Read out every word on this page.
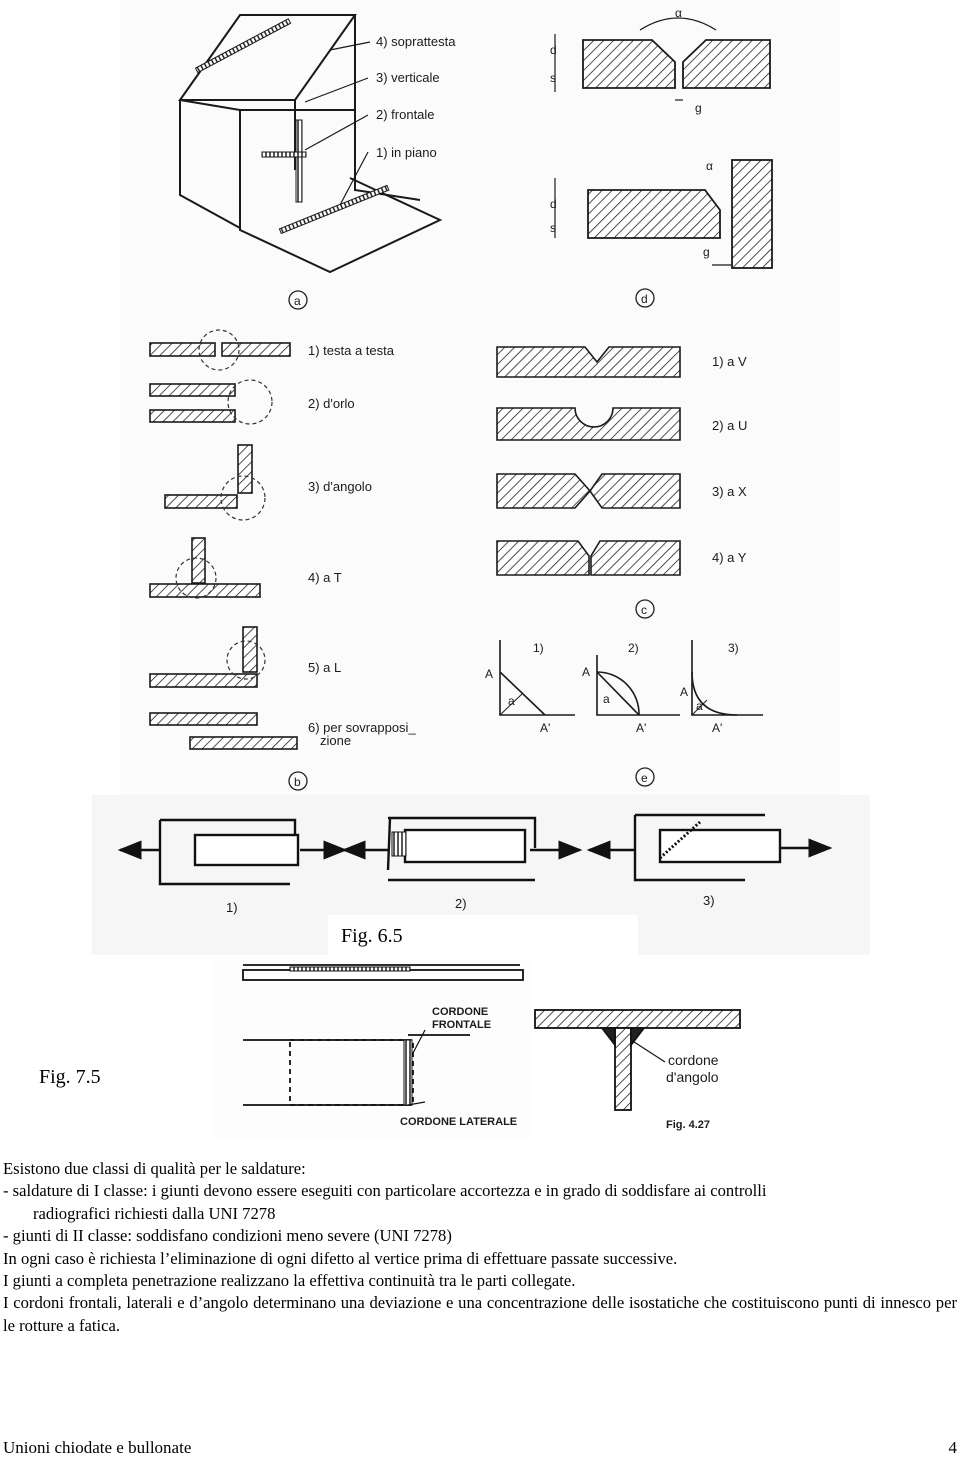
4) soprattesta
3) verticale
2) frontale
1) in piano
a
α
d
s
g
α
d
s
g
d
1) testa a testa
2) d'orlo
3) d'angolo
4) a T
5) a L
6) per sovrapposi_
zione
b
1) a V
2) a U
3) a X
4) a Y
c
1)	2)	3)
A
a
A'
A
a
A'
A
a
A'
e
1)	2)	3)
CORDONE
FRONTALE
CORDONE LATERALE
cordone
d'angolo
Fig. 4.27
Fig. 6.5
Fig. 7.5

Esistono due classi di qualità per le saldature:

- saldature di I classe: i giunti devono essere eseguiti con particolare accortezza e in grado di soddisfare ai controlli

radiografici richiesti dalla UNI 7278

- giunti di II classe: soddisfano condizioni meno severe (UNI 7278)

In ogni caso è richiesta l’eliminazione di ogni difetto al vertice prima di effettuare passate successive.

I giunti a completa penetrazione realizzano la effettiva continuità tra le parti collegate.

I cordoni frontali, laterali e d’angolo determinano una deviazione e una concentrazione delle isostatiche che costituiscono punti di innesco per le rotture a fatica.

Unioni chiodate e bullonate	4
